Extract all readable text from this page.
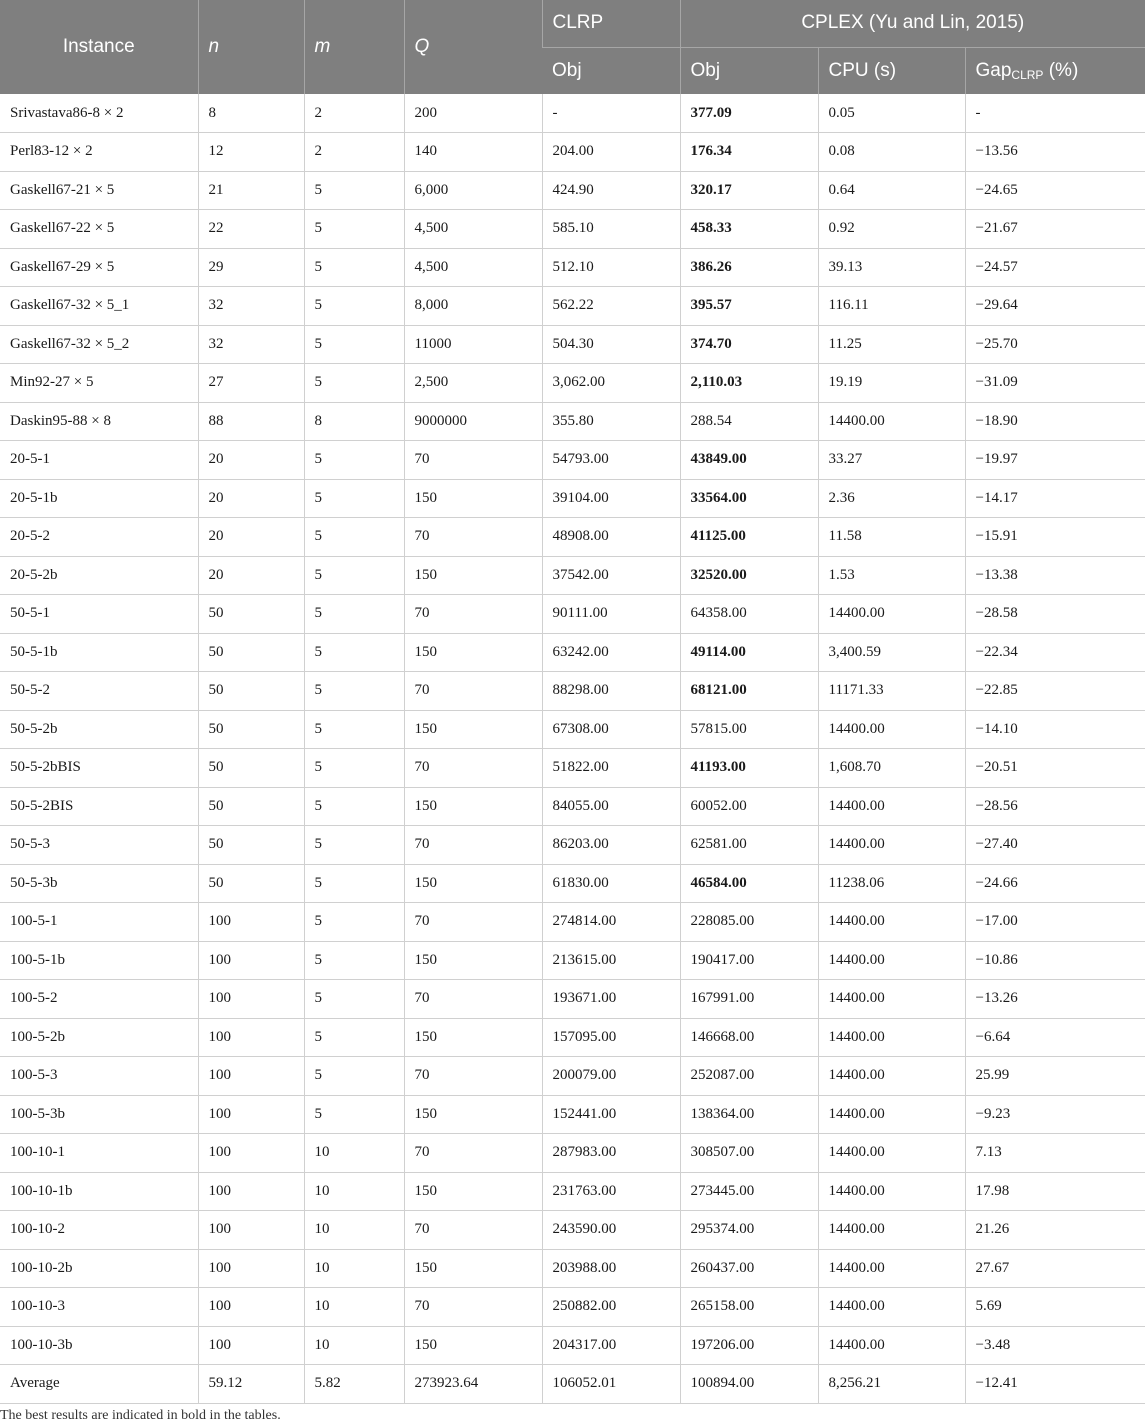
Instance	n	m	Q	CLRP	CPLEX (Yu and Lin, 2015)		
				Obj	Obj	CPU (s)	Gap$_{CLRP}$ (%)
Srivastava86-8 × 2	8	2	200	-	377.09	0.05	-
Perl83-12 × 2	12	2	140	204.00	176.34	0.08	−13.56
Gaskell67-21 × 5	21	5	6,000	424.90	320.17	0.64	−24.65
Gaskell67-22 × 5	22	5	4,500	585.10	458.33	0.92	−21.67
Gaskell67-29 × 5	29	5	4,500	512.10	386.26	39.13	−24.57
Gaskell67-32 × 5_1	32	5	8,000	562.22	395.57	116.11	−29.64
Gaskell67-32 × 5_2	32	5	11000	504.30	374.70	11.25	−25.70
Min92-27 × 5	27	5	2,500	3,062.00	2,110.03	19.19	−31.09
Daskin95-88 × 8	88	8	9000000	355.80	288.54	14400.00	−18.90
20-5-1	20	5	70	54793.00	43849.00	33.27	−19.97
20-5-1b	20	5	150	39104.00	33564.00	2.36	−14.17
20-5-2	20	5	70	48908.00	41125.00	11.58	−15.91
20-5-2b	20	5	150	37542.00	32520.00	1.53	−13.38
50-5-1	50	5	70	90111.00	64358.00	14400.00	−28.58
50-5-1b	50	5	150	63242.00	49114.00	3,400.59	−22.34
50-5-2	50	5	70	88298.00	68121.00	11171.33	−22.85
50-5-2b	50	5	150	67308.00	57815.00	14400.00	−14.10
50-5-2bBIS	50	5	70	51822.00	41193.00	1,608.70	−20.51
50-5-2BIS	50	5	150	84055.00	60052.00	14400.00	−28.56
50-5-3	50	5	70	86203.00	62581.00	14400.00	−27.40
50-5-3b	50	5	150	61830.00	46584.00	11238.06	−24.66
100-5-1	100	5	70	274814.00	228085.00	14400.00	−17.00
100-5-1b	100	5	150	213615.00	190417.00	14400.00	−10.86
100-5-2	100	5	70	193671.00	167991.00	14400.00	−13.26
100-5-2b	100	5	150	157095.00	146668.00	14400.00	−6.64
100-5-3	100	5	70	200079.00	252087.00	14400.00	25.99
100-5-3b	100	5	150	152441.00	138364.00	14400.00	−9.23
100-10-1	100	10	70	287983.00	308507.00	14400.00	7.13
100-10-1b	100	10	150	231763.00	273445.00	14400.00	17.98
100-10-2	100	10	70	243590.00	295374.00	14400.00	21.26
100-10-2b	100	10	150	203988.00	260437.00	14400.00	27.67
100-10-3	100	10	70	250882.00	265158.00	14400.00	5.69
100-10-3b	100	10	150	204317.00	197206.00	14400.00	−3.48
Average	59.12	5.82	273923.64	106052.01	100894.00	8,256.21	−12.41

The best results are indicated in bold in the tables.
